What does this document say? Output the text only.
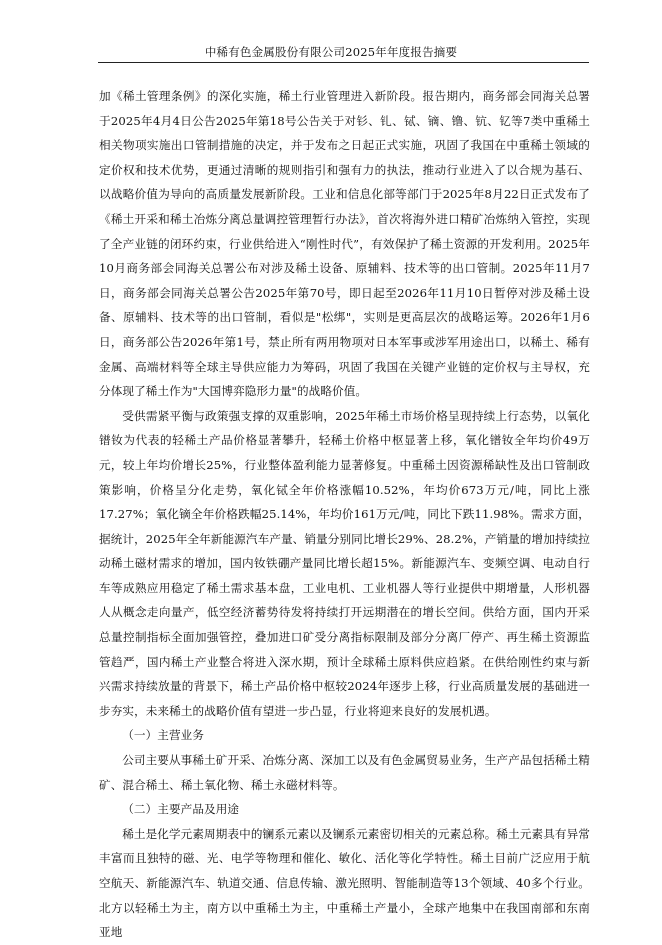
中稀有色金属股份有限公司2025年年度报告摘要

加《稀土管理条例》的深化实施，稀土行业管理进入新阶段。报告期内，商务部会同海关总署于2025年4月4日公告2025年第18号公告关于对钐、钆、铽、镝、镥、钪、钇等7类中重稀土相关物项实施出口管制措施的决定，并于发布之日起正式实施，巩固了我国在中重稀土领域的定价权和技术优势，更通过清晰的规则指引和强有力的执法，推动行业进入了以合规为基石、以战略价值为导向的高质量发展新阶段。工业和信息化部等部门于2025年8月22日正式发布了《稀土开采和稀土冶炼分离总量调控管理暂行办法》，首次将海外进口精矿冶炼纳入管控，实现了全产业链的闭环约束，行业供给进入“刚性时代”，有效保护了稀土资源的开发利用。2025年10月商务部会同海关总署公布对涉及稀土设备、原辅料、技术等的出口管制。2025年11月7日，商务部会同海关总署公告2025年第70号，即日起至2026年11月10日暂停对涉及稀土设备、原辅料、技术等的出口管制，看似是"松绑"，实则是更高层次的战略运筹。2026年1月6日，商务部公告2026年第1号，禁止所有两用物项对日本军事或涉军用途出口，以稀土、稀有金属、高端材料等全球主导供应能力为筹码，巩固了我国在关键产业链的定价权与主导权，充分体现了稀土作为"大国博弈隐形力量"的战略价值。

受供需紧平衡与政策强支撑的双重影响，2025年稀土市场价格呈现持续上行态势，以氧化镨钕为代表的轻稀土产品价格显著攀升，轻稀土价格中枢显著上移，氧化镨钕全年均价49万元，较上年均价增长25%，行业整体盈利能力显著修复。中重稀土因资源稀缺性及出口管制政策影响，价格呈分化走势，氧化铽全年价格涨幅10.52%，年均价673万元/吨，同比上涨17.27%；氧化镝全年价格跌幅25.14%，年均价161万元/吨，同比下跌11.98%。需求方面，据统计，2025年全年新能源汽车产量、销量分别同比增长29%、28.2%，产销量的增加持续拉动稀土磁材需求的增加，国内钕铁硼产量同比增长超15%。新能源汽车、变频空调、电动自行车等成熟应用稳定了稀土需求基本盘，工业电机、工业机器人等行业提供中期增量，人形机器人从概念走向量产，低空经济蓄势待发将持续打开远期潜在的增长空间。供给方面，国内开采总量控制指标全面加强管控，叠加进口矿受分离指标限制及部分分离厂停产、再生稀土资源监管趋严，国内稀土产业整合将进入深水期，预计全球稀土原料供应趋紧。在供给刚性约束与新兴需求持续放量的背景下，稀土产品价格中枢较2024年逐步上移，行业高质量发展的基础进一步夯实，未来稀土的战略价值有望进一步凸显，行业将迎来良好的发展机遇。

（一）主营业务

公司主要从事稀土矿开采、冶炼分离、深加工以及有色金属贸易业务，生产产品包括稀土精矿、混合稀土、稀土氧化物、稀土永磁材料等。

（二）主要产品及用途

稀土是化学元素周期表中的镧系元素以及镧系元素密切相关的元素总称。稀土元素具有异常丰富而且独特的磁、光、电学等物理和催化、敏化、活化等化学特性。稀土目前广泛应用于航空航天、新能源汽车、轨道交通、信息传输、激光照明、智能制造等13个领域、40多个行业。北方以轻稀土为主，南方以中重稀土为主，中重稀土产量小，全球产地集中在我国南部和东南亚地
